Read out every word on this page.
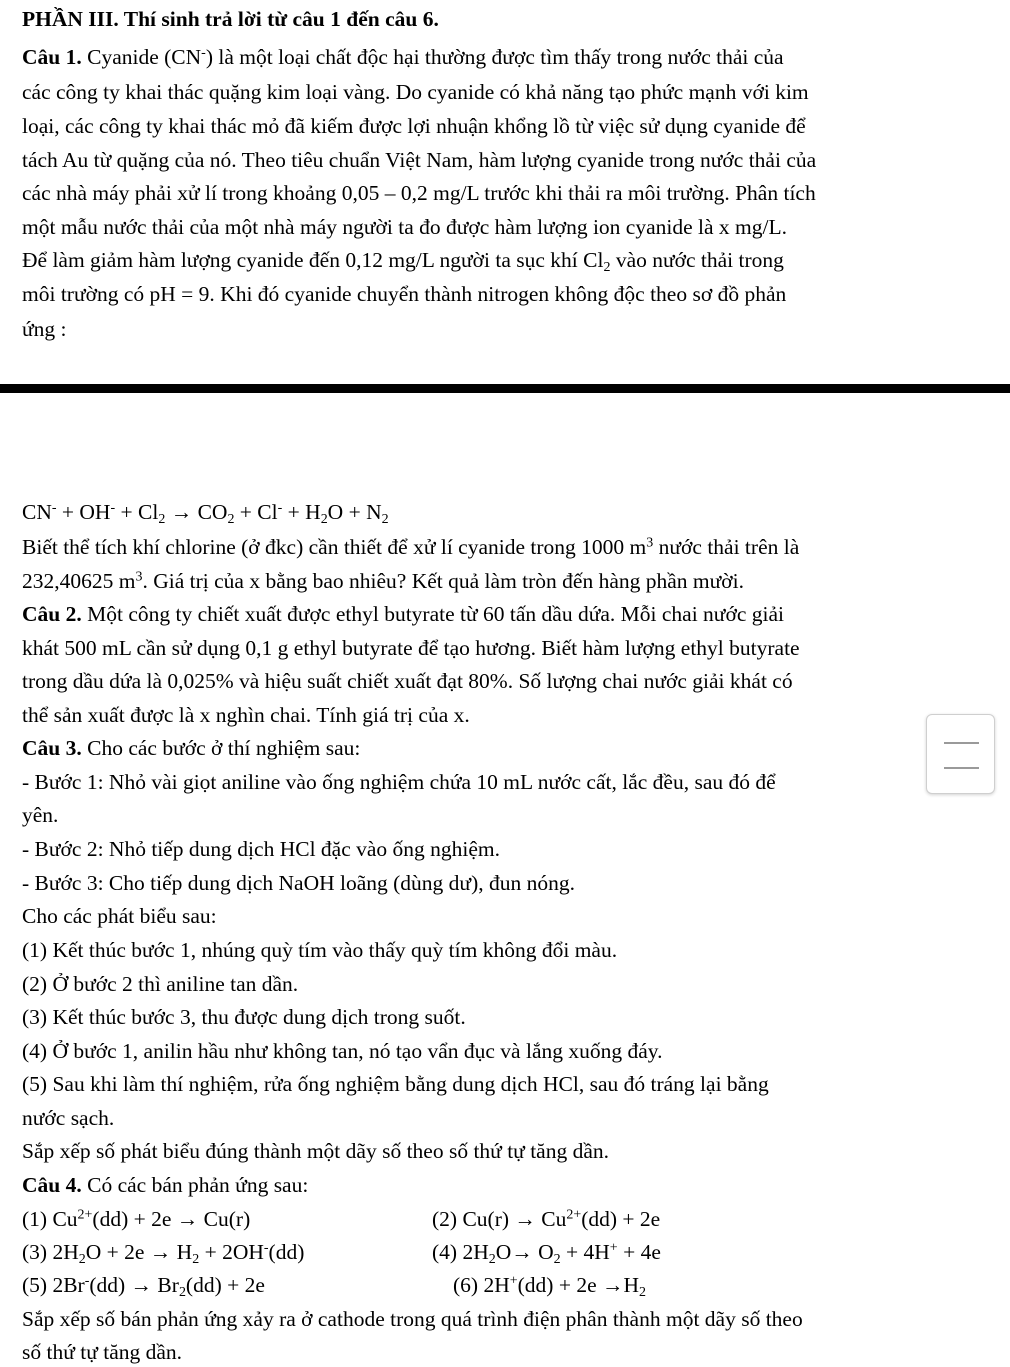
PHẦN III. Thí sinh trả lời từ câu 1 đến câu 6.
Câu 1. Cyanide (CN-) là một loại chất độc hại thường được tìm thấy trong nước thải của
các công ty khai thác quặng kim loại vàng. Do cyanide có khả năng tạo phức mạnh với kim
loại, các công ty khai thác mỏ đã kiếm được lợi nhuận khổng lồ từ việc sử dụng cyanide để
tách Au từ quặng của nó. Theo tiêu chuẩn Việt Nam, hàm lượng cyanide trong nước thải của
các nhà máy phải xử lí trong khoảng 0,05 – 0,2 mg/L trước khi thải ra môi trường. Phân tích
một mẫu nước thải của một nhà máy người ta đo được hàm lượng ion cyanide là x mg/L.
Để làm giảm hàm lượng cyanide đến 0,12 mg/L người ta sục khí $Cl_2$ vào nước thải trong
môi trường có pH = 9. Khi đó cyanide chuyển thành nitrogen không độc theo sơ đồ phản
ứng :
$CN^- + OH^- + Cl_2 \to CO_2 + Cl^- + H_2O + N_2$
Biết thể tích khí chlorine (ở đkc) cần thiết để xử lí cyanide trong 1000 $m^3$ nước thải trên là
232,40625 $m^3$. Giá trị của x bằng bao nhiêu? Kết quả làm tròn đến hàng phần mười.
Câu 2. Một công ty chiết xuất được ethyl butyrate từ 60 tấn dầu dứa. Mỗi chai nước giải
khát 500 mL cần sử dụng 0,1 g ethyl butyrate để tạo hương. Biết hàm lượng ethyl butyrate
trong dầu dứa là 0,025% và hiệu suất chiết xuất đạt 80%. Số lượng chai nước giải khát có
thể sản xuất được là x nghìn chai. Tính giá trị của x.
Câu 3. Cho các bước ở thí nghiệm sau:
- Bước 1: Nhỏ vài giọt aniline vào ống nghiệm chứa 10 mL nước cất, lắc đều, sau đó để
yên.
- Bước 2: Nhỏ tiếp dung dịch HCl đặc vào ống nghiệm.
- Bước 3: Cho tiếp dung dịch NaOH loãng (dùng dư), đun nóng.
Cho các phát biểu sau:
(1) Kết thúc bước 1, nhúng quỳ tím vào thấy quỳ tím không đổi màu.
(2) Ở bước 2 thì aniline tan dần.
(3) Kết thúc bước 3, thu được dung dịch trong suốt.
(4) Ở bước 1, anilin hầu như không tan, nó tạo vẩn đục và lắng xuống đáy.
(5) Sau khi làm thí nghiệm, rửa ống nghiệm bằng dung dịch HCl, sau đó tráng lại bằng
nước sạch.
Sắp xếp số phát biểu đúng thành một dãy số theo số thứ tự tăng dần.
Câu 4. Có các bán phản ứng sau:
(1) $Cu^{2+}(dd) + 2e \to Cu(r)$	(2) $Cu(r) \to Cu^{2+}(dd) + 2e$
(3) $2H_2O + 2e \to H_2 + 2OH^-(dd)$	(4) $2H_2O\to O_2 + 4H^+ + 4e$
(5) $2Br^-(dd) \to Br_2(dd) + 2e$	(6) $2H^+(dd) + 2e \to H_2$
Sắp xếp số bán phản ứng xảy ra ở cathode trong quá trình điện phân thành một dãy số theo
số thứ tự tăng dần.
